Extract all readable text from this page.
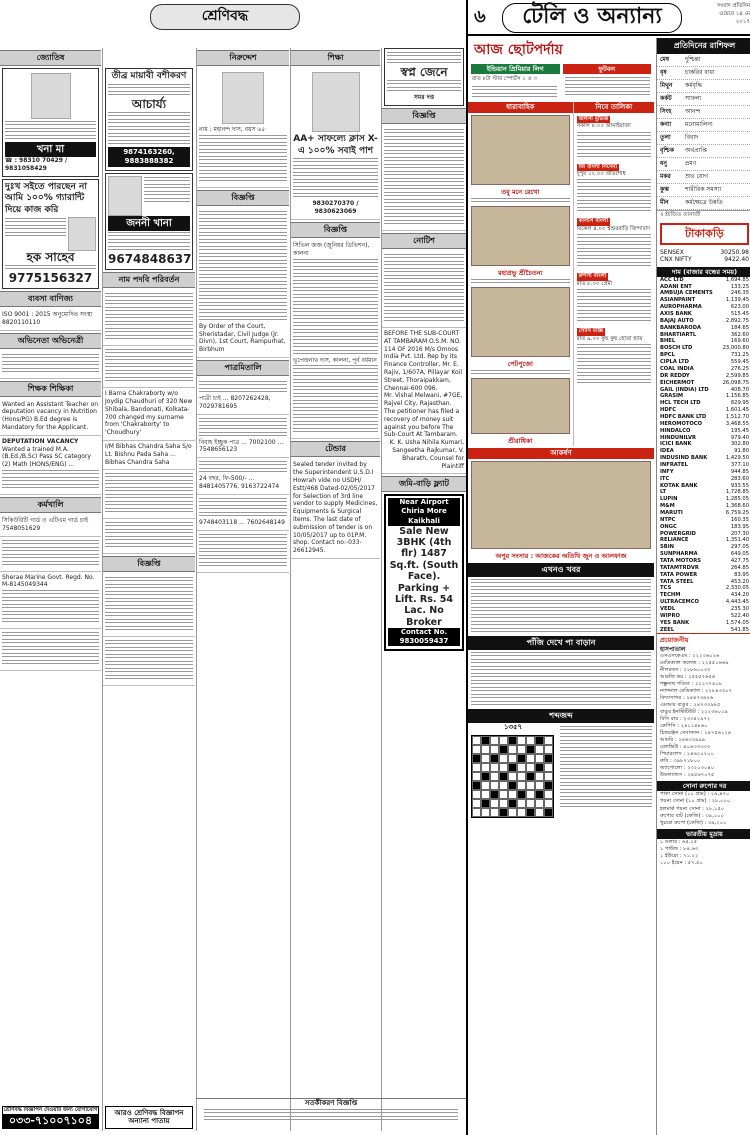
শ্রেণিবদ্ধ
জ্যোতিষ
খনা মা
☎ : 98310 70429 / 9831058429
দুঃখ সইতে পারছেন না
আমি ১০০% গ্যারান্টি
দিয়ে কাজ করি
হক সাহেব
9775156327
ব্যবসা বাণিজ্য
ISO 9001 : 2015 অনুমোদিত সংস্থা 8820110110
অভিনেতা অভিনেত্রী
শিক্ষক শিক্ষিকা
Wanted an Assistant Teacher on deputation vacancy in Nutrition (Hons/PG) B.Ed degree is Mandatory for the Applicant.
DEPUTATION VACANCY
Wanted a trained M.A.(B.Ed./B.Sc) Pass SC category (2) Math (HONS/ENG) ...
কর্মখালি
সিকিউরিটি গার্ড ও এটিএম গার্ড চাই 7548051629
Sherae Marine Govt. Regd. No. M-8145049344
শ্রেণিবদ্ধ বিজ্ঞাপন দেওয়ার জন্য যোগাযোগ
০৩৩-৭১০০৭১০৪
তীব্র মায়াবী বশীকরণ
আচার্য্য
9874163260, 9883888382
জননী খানা
9674848637
নাম পদবি পরিবর্তন
I Barna Chakraborty w/o Joydip Chaudhuri of 320 New Shibala, Bandonati, Kolkata-700 changed my surname from 'Chakraborty' to 'Choudhury'
I/M Bibhas Chandra Saha S/o Lt. Bishnu Pada Saha ... Bibhas Chandra Saha
বিজ্ঞপ্তি
আরও শ্রেণিবদ্ধ বিজ্ঞাপন অন্যান্য পাতায়
নিরুদ্দেশ
নাম : মহানন্দ দাস, বয়স ৬৫
বিজ্ঞপ্তি
By Order of the Court, Sheristadar, Civil Judge (Jr. Divn), 1st Court, Rampurhat, Birbhum
পাত্রমিতালি
পাত্রী চাই ... 8207262428, 7029781695
বিবাহ ইচ্ছুক পাত্র ... 7002100 ... 7548656123
24 বছর, ফি-500/- ... 8481405776, 9163722474
9748403118 ... 7602648149
শিক্ষা
AA+ সাফল্যে ক্লাস X-এ ১০০% সবাই পাশ
9830270370 / 9830623069
বিজ্ঞপ্তি
সিভিল জজ (জুনিয়র ডিভিশন), কালনা
ভূপেন্দ্রনাথ দাস, কালনা, পূর্ব বর্ধমান
টেন্ডার
Sealed tender invited by the Superintendent U.S.D.I Howrah vide no USDH/ Estt/468 Dated-02/05/2017 for Selection of 3rd line vendor to supply Medicines, Equipments & Surgical items. The last date of submission of tender is on 10/05/2017 up to 01P.M. shop. Contact no:-033-26612945.
স্বপ্ন জেনে
সমর দত্ত
বিজ্ঞপ্তি
নোটিশ
BEFORE THE SUB-COURT AT TAMBARAM O.S.M. NO. 114 OF 2016 M/s Omnos India Pvt. Ltd. Rep by its Finance Controller, Mr. E. Rajiv, 1/607A, Pillayar Koil Street, Thoraipakkam, Chennai-600 096.
Mr. Vishal Melwani, #7GE, Rajvel City, Rajasthan. The petitioner has filed a recovery of money suit against you before The Sub-Court At Tambaram.
K. K. Usha Nihila Kumari, Sangeetha Rajkumar, V. Bharath, Counsel for Plaintiff
জমি-বাড়ি ফ্ল্যাট
Near Airport Chiria More Kaikhali
Sale New 3BHK (4th flr) 1487 Sq.ft. (South Face). Parking + Lift. Rs. 54 Lac. No Broker
Contact No. 9830059437
সতর্কীকরণ বিজ্ঞপ্তি
৬	টেলি ও অন্যান্য	সংবাদ প্রতিদিন
ওয়েবে ১৪ মে
২০১৭
আজ ছোটপর্দায়
ইন্ডিয়ান প্রিমিয়ার লিগ	ফুটবল
রাত ৮টা স্টার স্পোর্টস ১ ও ৩
ধারাবাহিক
তবু মনে রেখো
মহাপ্রভু শ্রীচৈতন্য
পেটপুজো
শ্রীরাধিকা
নিবে তালিকা
জলসা মুভিজ
সকাল ৮.০০ জামাইরাজা
জি বাংলা সিনেমা
দুপুর ১২.০০ প্রতিশোধ
কালার্স বাংলা
বিকেল ৪.০০ শ্বশুরবাড়ি জিন্দাবাদ
রুপসী বাংলা
রাত ৮.০০ প্রেমী
সোনি ম্যাক্স
রাত ৯.০০ কুছ কুছ হোতা হ্যায়
আকর্ষণ
অপুর সংসার : আজকের অতিথি জুন ও আলফাজ
এখনও খবর
পাঁজি দেখে পা বাড়ান
শব্দজব্দ
১৩৫৭
প্রতিদিনের রাশিফল
মেষ	দুশ্চিন্তা
বৃষ	চাকরির বাধা
মিথুন	কর্মবৃদ্ধি
কর্কট	সাফল্য
সিংহ	আনন্দ
কন্যা	মনোমালিন্য
তুলা	বিবাদ
বৃশ্চিক	অর্থপ্রাপ্তি
ধনু	ভ্রমণ
মকর	শুভ যোগ
কুম্ভ	শারীরিক সমস্যা
মীন	কর্মক্ষেত্রে উন্নতি
॥ শ্রীজিত ব্যানার্জী
টাকাকড়ি
SENSEX	30250.98
CNX NIFTY	9422.40
দাম (বাজার বন্ধের সময়)
ACC LTD	1,694.85
ADANI ENT	133.25
AMBUJA CEMENTS	246.35
ASIANPAINT	1,139.45
AUROPHARMA	623.00
AXIS BANK	515.45
BAJAJ AUTO	2,892.75
BANKBARODA	184.65
BHARTIARTL	362.60
BHEL	169.60
BOSCH LTD	23,000.80
BPCL	731.25
CIPLA LTD	559.45
COAL INDIA	276.25
DR REDDY	2,599.85
EICHERMOT	26,098.75
GAIL (INDIA) LTD	408.70
GRASIM	1,156.85
HCL TECH LTD	829.95
HDFC	1,601.45
HDFC BANK LTD	1,512.70
HEROMOTOCO	3,468.55
HINDALCO	195.45
HINDUNILVR	979.40
ICICI BANK	302.80
IDEA	91.80
INDUSIND BANK	1,429.50
INFRATEL	377.10
INFY	944.85
ITC	283.60
KOTAK BANK	933.55
LT	1,728.85
LUPIN	1,285.05
M&M	1,368.60
MARUTI	6,759.25
NTPC	160.35
ONGC	183.95
POWERGRID	207.30
RELIANCE	1,351.40
SBIN	297.05
SUNPHARMA	649.05
TATA MOTORS	427.75
TATAMTRDVR	264.85
TATA POWER	83.95
TATA STEEL	453.20
TCS	2,330.05
TECHM	434.20
ULTRACEMCO	4,443.45
VEDL	235.30
WIPRO	522.40
YES BANK	1,574.05
ZEEL	541.85
প্রয়োজনীয়
হাসপাতাল
এসএসকেএম : ২২২৩৬০২৬
মেডিক্যাল কলেজ : ২২৫৫১৬৬৯
নীলরতন : ২২৮৬০০৩৩
আরজি কর : ২৫৫৫৭৬৫৬
শম্ভুনাথ পণ্ডিত : ২২২৩৭৪০৮
ন্যাশনাল মেডিক্যাল : ২২৮৪৩৩০৭
বিদ্যাসাগর : ২৪৪৭৩৬২৬
এমআর বাঙুর : ২৪৭৩৩৯৮৫
বাঙুর ইনস্টিটিউট : ২২২৩৬০১৯
বিসি রায় : ২৩৩৪২৯৭২
কেপিসি : ২৪১১৪৮৬০
চিত্তরঞ্জন সেবাসদন : ২৪৭৫৬১২৪
আমরি : ২৪৬৩৩৯৯৯
বেলভিউ : ৪০৪৩৩৩৩৩
পিয়ারলেস : ২৪৬২০২০০
রুবি : ৩৯৮৭১৮০০
অ্যাপোলো : ২৩২০৩০৪০
উডল্যান্ডস : ২৪৫৬৭০৭৫
সোনা রুপোর দর
পাকা সোনা (১০ গ্রাম) : ২৯,৪৭০
গয়না সোনা (১০ গ্রাম) : ২৮,০০০
হলমার্ক গয়না সোনা : ২৮,১৫০
রুপোর বাট (কেজি) : ৩৯,১০০
খুচরো রুপো (কেজি) : ৩৯,২০০
ভারতীয় মুদ্রায়
১ ডলার : ৬৫.১৫
১ পাউন্ড : ৮৪.৬৩
১ ইউরো : ৭১.২২
১০০ ইয়েন : ৫৭.৫০
